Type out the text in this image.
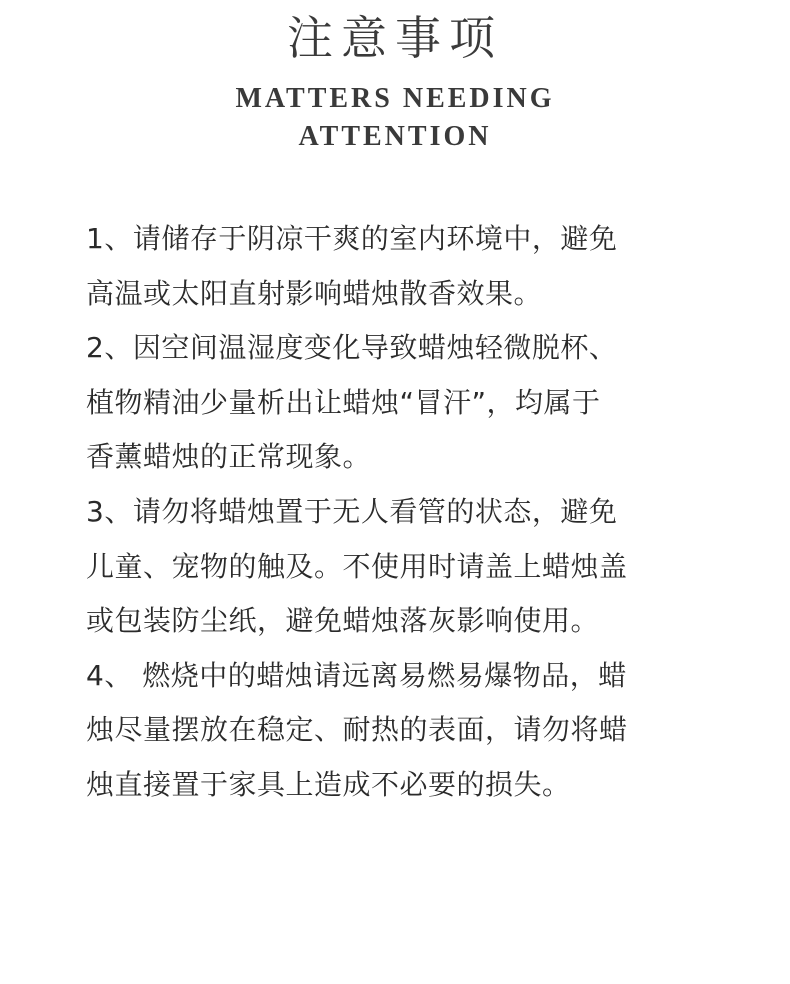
注意事项
MATTERS NEEDING
ATTENTION
1、请储存于阴凉干爽的室内环境中，避免
高温或太阳直射影响蜡烛散香效果。
2、因空间温湿度变化导致蜡烛轻微脱杯、
植物精油少量析出让蜡烛“冒汗”，均属于
香薰蜡烛的正常现象。
3、请勿将蜡烛置于无人看管的状态，避免
儿童、宠物的触及。不使用时请盖上蜡烛盖
或包装防尘纸，避免蜡烛落灰影响使用。
4、 燃烧中的蜡烛请远离易燃易爆物品，蜡
烛尽量摆放在稳定、耐热的表面，请勿将蜡
烛直接置于家具上造成不必要的损失。
